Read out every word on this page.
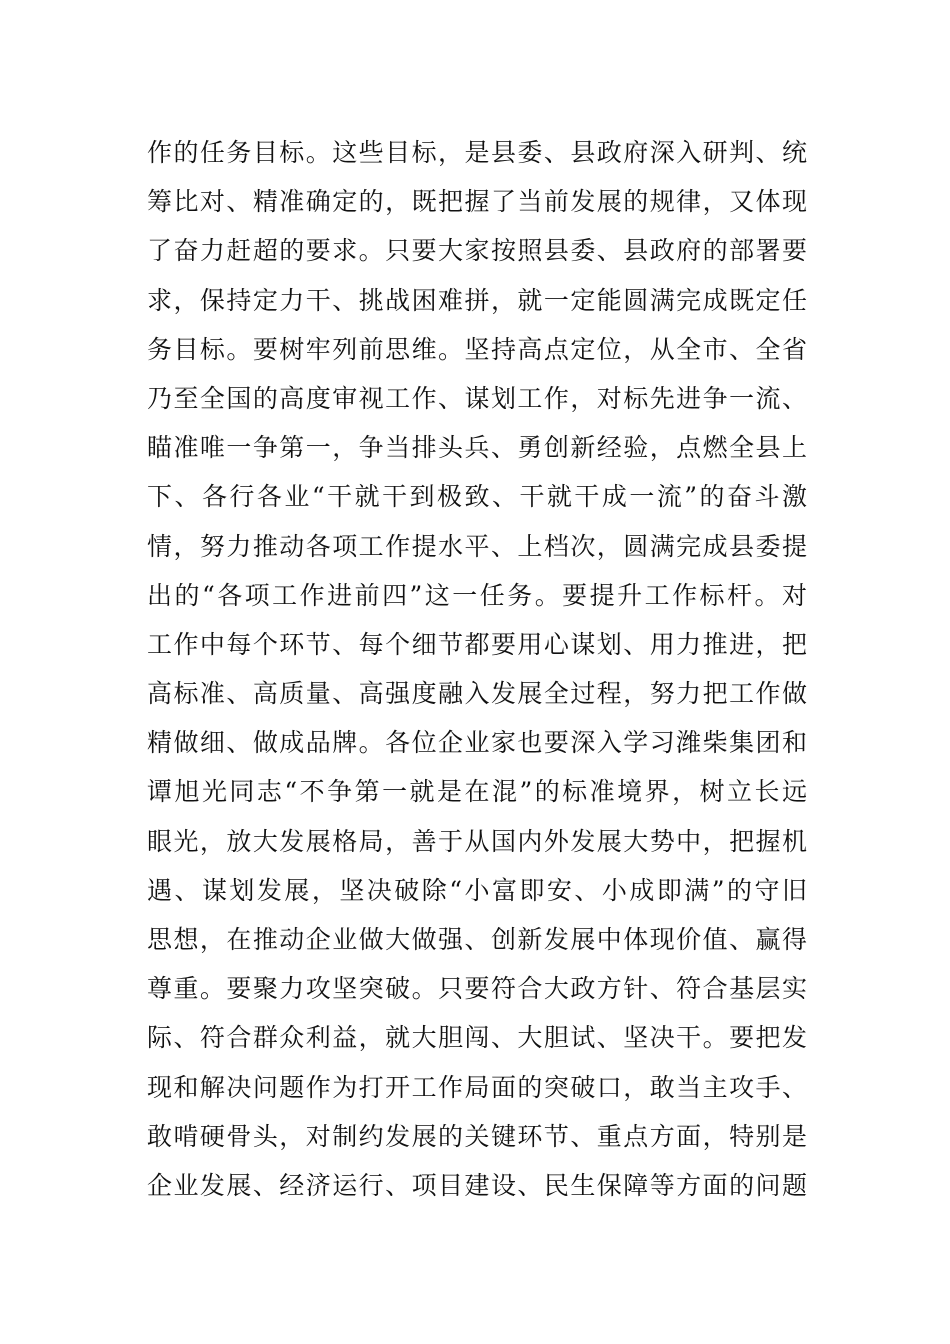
作的任务目标。这些目标，是县委、县政府深入研判、统
筹比对、精准确定的，既把握了当前发展的规律，又体现
了奋力赶超的要求。只要大家按照县委、县政府的部署要
求，保持定力干、挑战困难拼，就一定能圆满完成既定任
务目标。要树牢列前思维。坚持高点定位，从全市、全省
乃至全国的高度审视工作、谋划工作，对标先进争一流、
瞄准唯一争第一，争当排头兵、勇创新经验，点燃全县上
下、各行各业“干就干到极致、干就干成一流”的奋斗激
情，努力推动各项工作提水平、上档次，圆满完成县委提
出的“各项工作进前四”这一任务。要提升工作标杆。对
工作中每个环节、每个细节都要用心谋划、用力推进，把
高标准、高质量、高强度融入发展全过程，努力把工作做
精做细、做成品牌。各位企业家也要深入学习潍柴集团和
谭旭光同志“不争第一就是在混”的标准境界，树立长远
眼光，放大发展格局，善于从国内外发展大势中，把握机
遇、谋划发展，坚决破除“小富即安、小成即满”的守旧
思想，在推动企业做大做强、创新发展中体现价值、赢得
尊重。要聚力攻坚突破。只要符合大政方针、符合基层实
际、符合群众利益，就大胆闯、大胆试、坚决干。要把发
现和解决问题作为打开工作局面的突破口，敢当主攻手、
敢啃硬骨头，对制约发展的关键环节、重点方面，特别是
企业发展、经济运行、项目建设、民生保障等方面的问题
